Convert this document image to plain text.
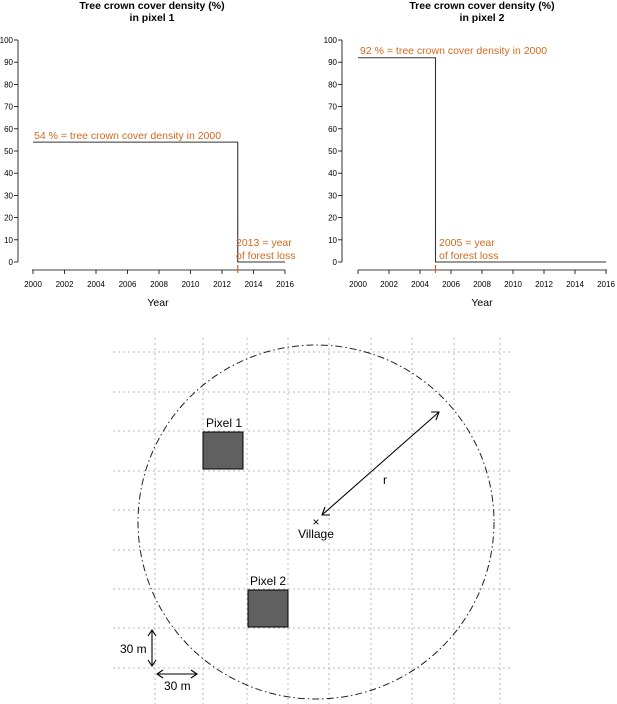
Tree crown cover density (%)
in pixel 1
0
10
20
30
40
50
60
70
80
90
100
2000 2002 2004 2006 2008 2010 2012 2014 2016
54 % = tree crown cover density in 2000
2013 = year
of forest loss
Year
Tree crown cover density (%)
in pixel 2
0
10
20
30
40
50
60
70
80
90
100
2000 2002 2004 2006 2008 2010 2012 2014 2016
92 % = tree crown cover density in 2000
2005 = year
of forest loss
Year
Pixel 1
Pixel 2
×
Village
r
30 m
30 m
